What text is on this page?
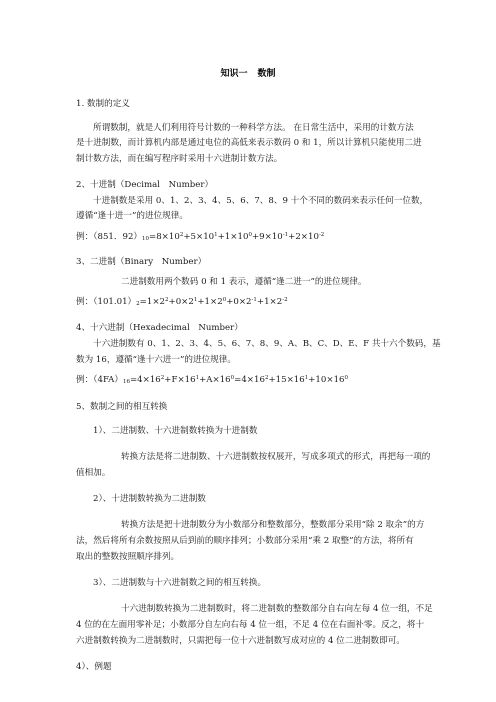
知识一 数制
1. 数制的定义
所谓数制，就是人们利用符号计数的一种科学方法。 在日常生活中，采用的计数方法
是十进制数，而计算机内部是通过电位的高低来表示数码 0 和 1，所以计算机只能使用二进
制计数方法，而在编写程序时采用十六进制计数方法。
2、十进制（Decimal　Number）
十进制数是采用 0、1、2、3、4、5、6、7、8、9 十个不同的数码来表示任何一位数，
遵循“逢十进一”的进位规律。
例：（851．$92)_{10}=8\times 10^2+5\times 10^1+1\times 10^0+9\times 10^{-1}+2\times 10^{-2}$
3、二进制（Binary　Number）
二进制数用两个数码 0 和 1 表示，遵循“逢二进一”的进位规律。
例：$(101.01)_2=1\times 2^2+0\times 2^1+1\times 2^0+0\times 2^{-1}+1\times 2^{-2}$
4、十六进制（Hexadecimal　Number）
十六进制数有 0、1、2、3、4、5、6、7、8、9、A、B、C、D、E、F 共十六个数码，基
数为 16，遵循“逢十六进一”的进位规律。
例：$(4FA)_{16}=4\times 16^2+F\times 16^1+A\times 16^0=4\times 16^2+15\times 16^1+10\times 16^0$
5、数制之间的相互转换
1）、二进制数、十六进制数转换为十进制数
转换方法是将二进制数、十六进制数按权展开，写成多项式的形式，再把每一项的
值相加。
2）、十进制数转换为二进制数
转换方法是把十进制数分为小数部分和整数部分，整数部分采用“除 2 取余”的方
法，然后将所有余数按照从后到前的顺序排列；小数部分采用“乘 2 取整”的方法，将所有
取出的整数按照顺序排列。
3）、二进制数与十六进制数之间的相互转换。
十六进制数转换为二进制数时，将二进制数的整数部分自右向左每 4 位一组，不足
4 位的在左面用零补足；小数部分自左向右每 4 位一组，不足 4 位在右面补零。反之，将十
六进制数转换为二进制数时，只需把每一位十六进制数写成对应的 4 位二进制数即可。
4）、例题
